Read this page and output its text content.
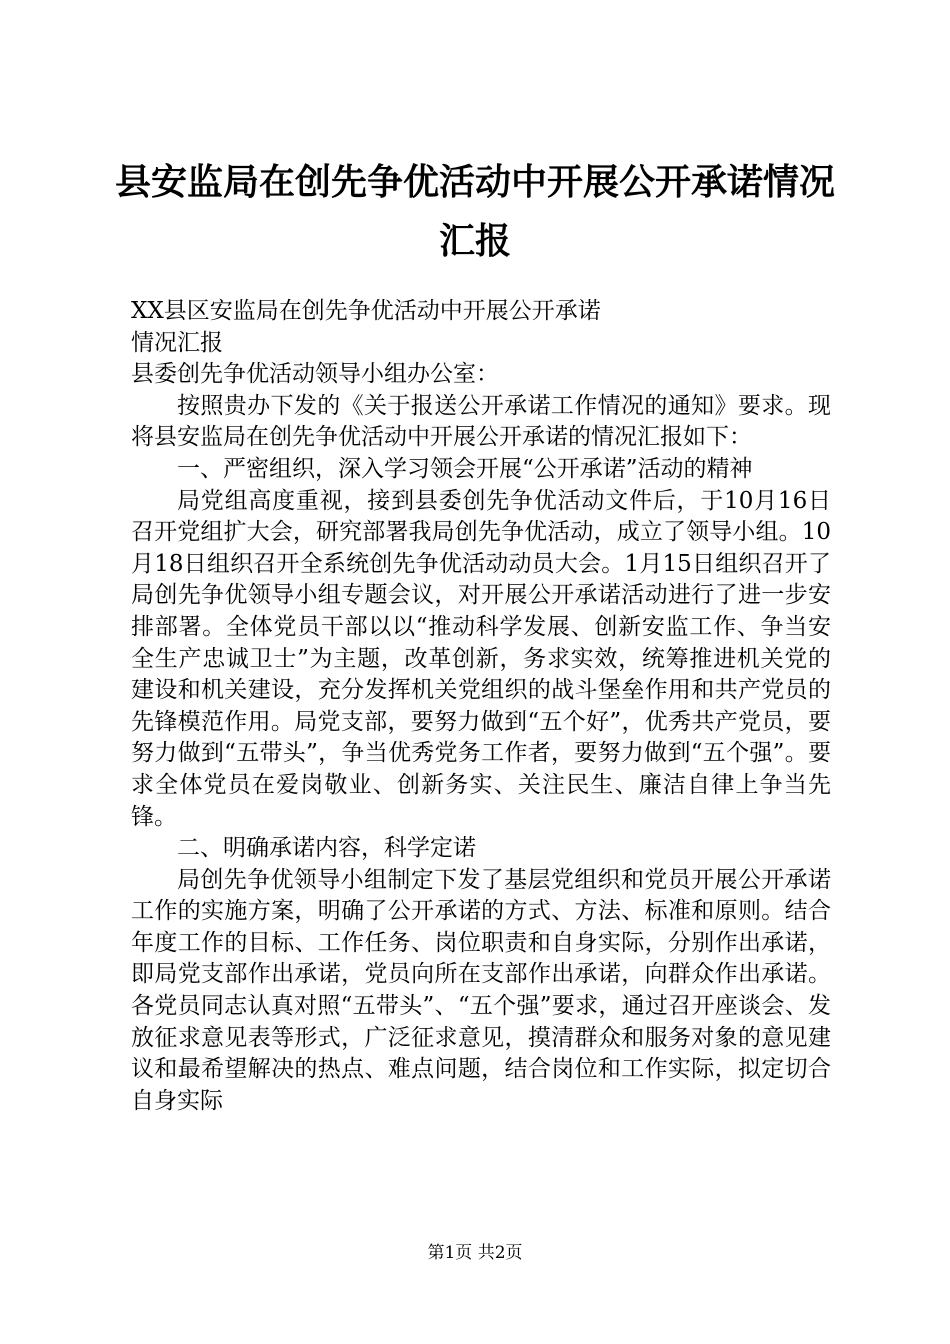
县安监局在创先争优活动中开展公开承诺情况
汇报

XX县区安监局在创先争优活动中开展公开承诺

情况汇报

县委创先争优活动领导小组办公室：

按照贵办下发的《关于报送公开承诺工作情况的通知》要求。现将县安监局在创先争优活动中开展公开承诺的情况汇报如下：

一、严密组织，深入学习领会开展“公开承诺”活动的精神

局党组高度重视，接到县委创先争优活动文件后，于10月16日召开党组扩大会，研究部署我局创先争优活动，成立了领导小组。10月18日组织召开全系统创先争优活动动员大会。1月15日组织召开了局创先争优领导小组专题会议，对开展公开承诺活动进行了进一步安排部署。全体党员干部以以“推动科学发展、创新安监工作、争当安全生产忠诚卫士”为主题，改革创新，务求实效，统筹推进机关党的建设和机关建设，充分发挥机关党组织的战斗堡垒作用和共产党员的先锋模范作用。局党支部，要努力做到“五个好”，优秀共产党员，要努力做到“五带头”，争当优秀党务工作者，要努力做到“五个强”。要求全体党员在爱岗敬业、创新务实、关注民生、廉洁自律上争当先锋。

二、明确承诺内容，科学定诺

局创先争优领导小组制定下发了基层党组织和党员开展公开承诺工作的实施方案，明确了公开承诺的方式、方法、标准和原则。结合年度工作的目标、工作任务、岗位职责和自身实际，分别作出承诺，即局党支部作出承诺，党员向所在支部作出承诺，向群众作出承诺。各党员同志认真对照“五带头”、“五个强”要求，通过召开座谈会、发放征求意见表等形式，广泛征求意见，摸清群众和服务对象的意见建议和最希望解决的热点、难点问题，结合岗位和工作实际，拟定切合自身实际

第1页 共2页
